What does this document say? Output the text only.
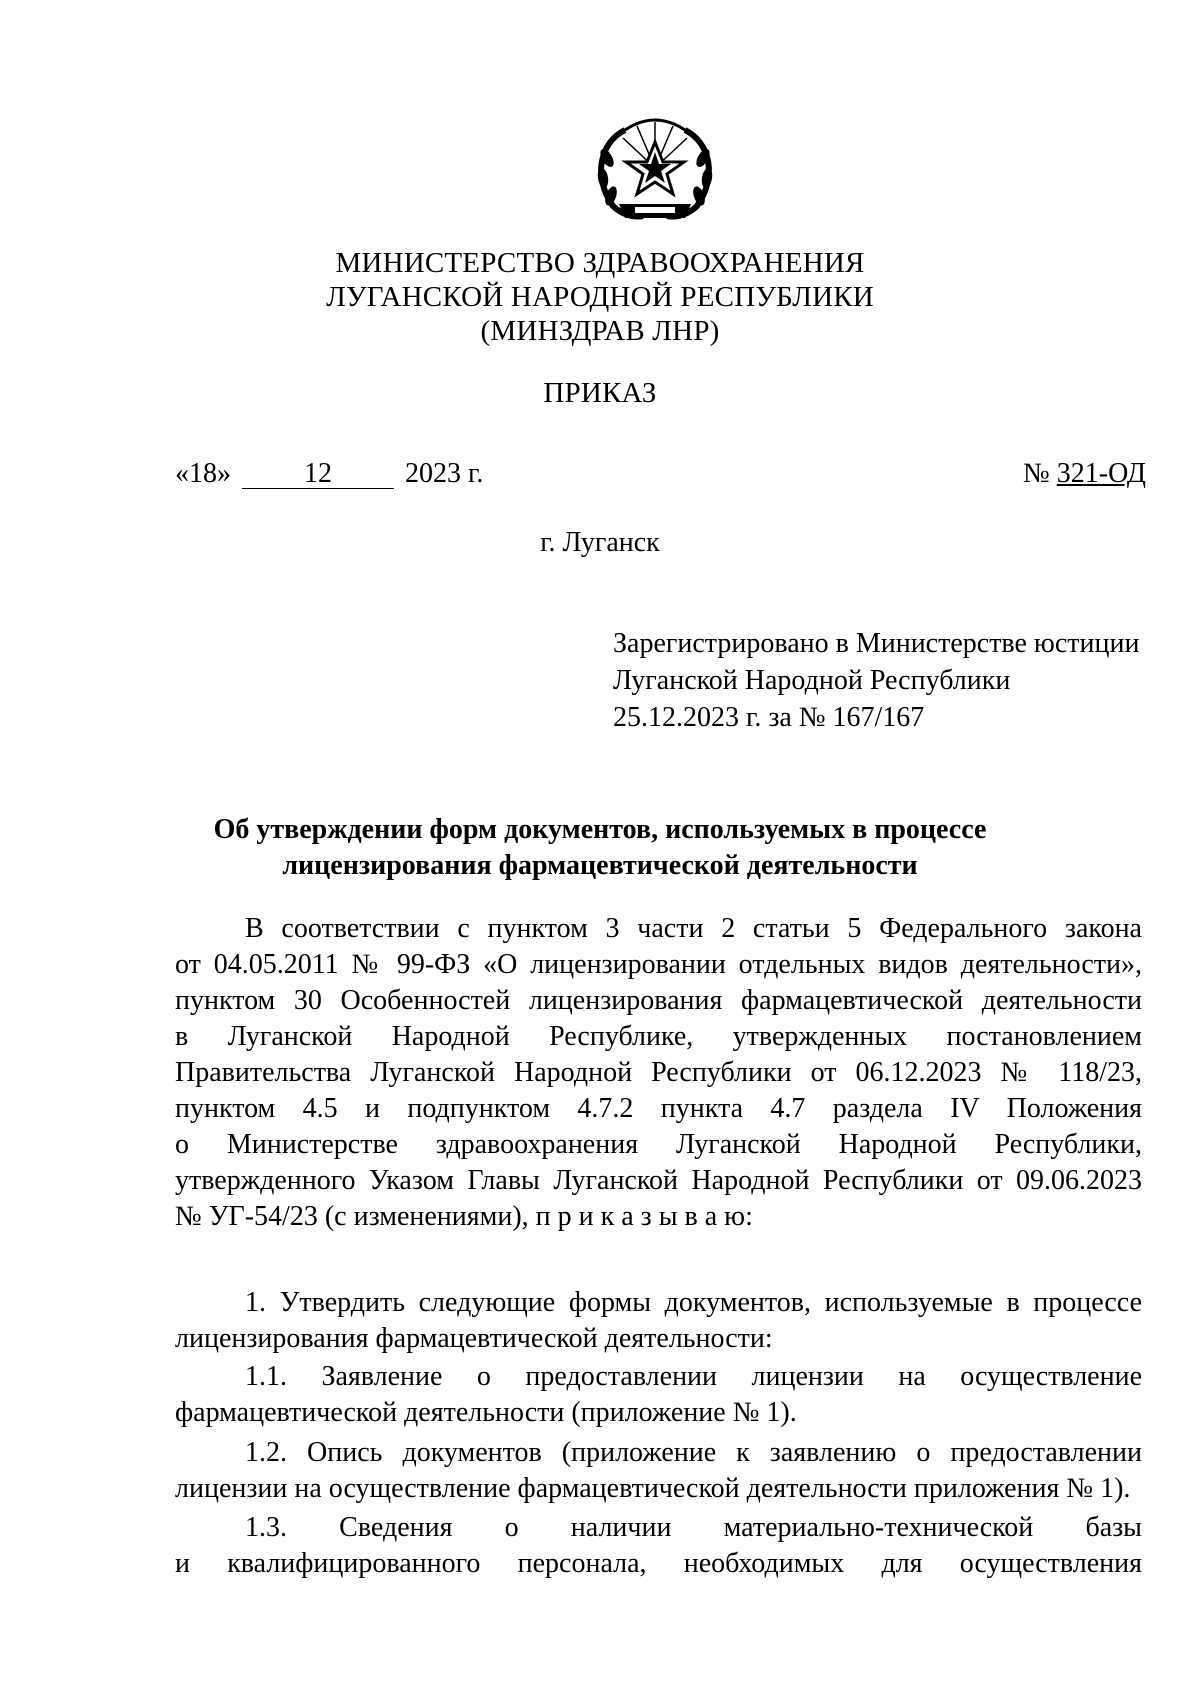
МИНИСТЕРСТВО ЗДРАВООХРАНЕНИЯ

ЛУГАНСКОЙ НАРОДНОЙ РЕСПУБЛИКИ

(МИНЗДРАВ ЛНР)

ПРИКАЗ

«18»	12	2023 г.	№ 321-ОД

г. Луганск

Зарегистрировано в Министерстве юстиции
Луганской Народной Республики
25.12.2023 г. за № 167/167

Об утверждении форм документов, используемых в процессе

лицензирования фармацевтической деятельности

В соответствии с пунктом 3 части 2 статьи 5 Федерального закона
от 04.05.2011 № 99-ФЗ «О лицензировании отдельных видов деятельности»,
пунктом 30 Особенностей лицензирования фармацевтической деятельности
в Луганской Народной Республике, утвержденных постановлением
Правительства Луганской Народной Республики от 06.12.2023 № 118/23,
пунктом 4.5 и подпунктом 4.7.2 пункта 4.7 раздела IV Положения
о Министерстве здравоохранения Луганской Народной Республики,
утвержденного Указом Главы Луганской Народной Республики от 09.06.2023
№ УГ-54/23 (с изменениями), п р и к а з ы в а ю:
1. Утвердить следующие формы документов, используемые в процессе
лицензирования фармацевтической деятельности:
1.1. Заявление о предоставлении лицензии на осуществление
фармацевтической деятельности (приложение № 1).
1.2. Опись документов (приложение к заявлению о предоставлении
лицензии на осуществление фармацевтической деятельности приложения № 1).
1.3. Сведения о наличии материально-технической базы
и квалифицированного персонала, необходимых для осуществления
